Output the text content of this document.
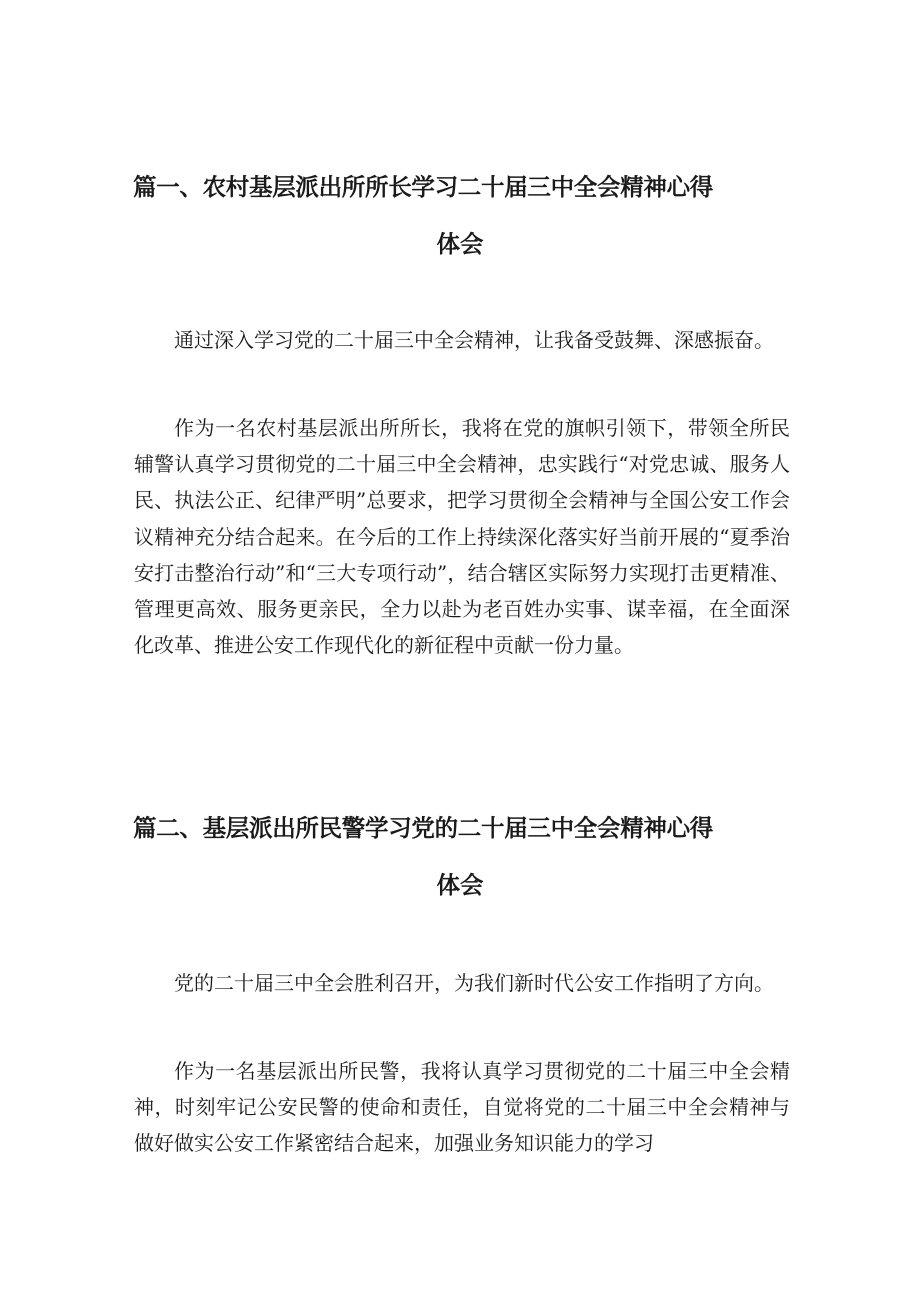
篇一、农村基层派出所所长学习二十届三中全会精神心得
体会

通过深入学习党的二十届三中全会精神，让我备受鼓舞、深感振奋。

作为一名农村基层派出所所长，我将在党的旗帜引领下，带领全所民辅警认真学习贯彻党的二十届三中全会精神，忠实践行“对党忠诚、服务人民、执法公正、纪律严明”总要求，把学习贯彻全会精神与全国公安工作会议精神充分结合起来。在今后的工作上持续深化落实好当前开展的“夏季治安打击整治行动”和“三大专项行动”，结合辖区实际努力实现打击更精准、管理更高效、服务更亲民，全力以赴为老百姓办实事、谋幸福，在全面深化改革、推进公安工作现代化的新征程中贡献一份力量。

篇二、基层派出所民警学习党的二十届三中全会精神心得
体会

党的二十届三中全会胜利召开，为我们新时代公安工作指明了方向。

作为一名基层派出所民警，我将认真学习贯彻党的二十届三中全会精神，时刻牢记公安民警的使命和责任，自觉将党的二十届三中全会精神与做好做实公安工作紧密结合起来，加强业务知识能力的学习
